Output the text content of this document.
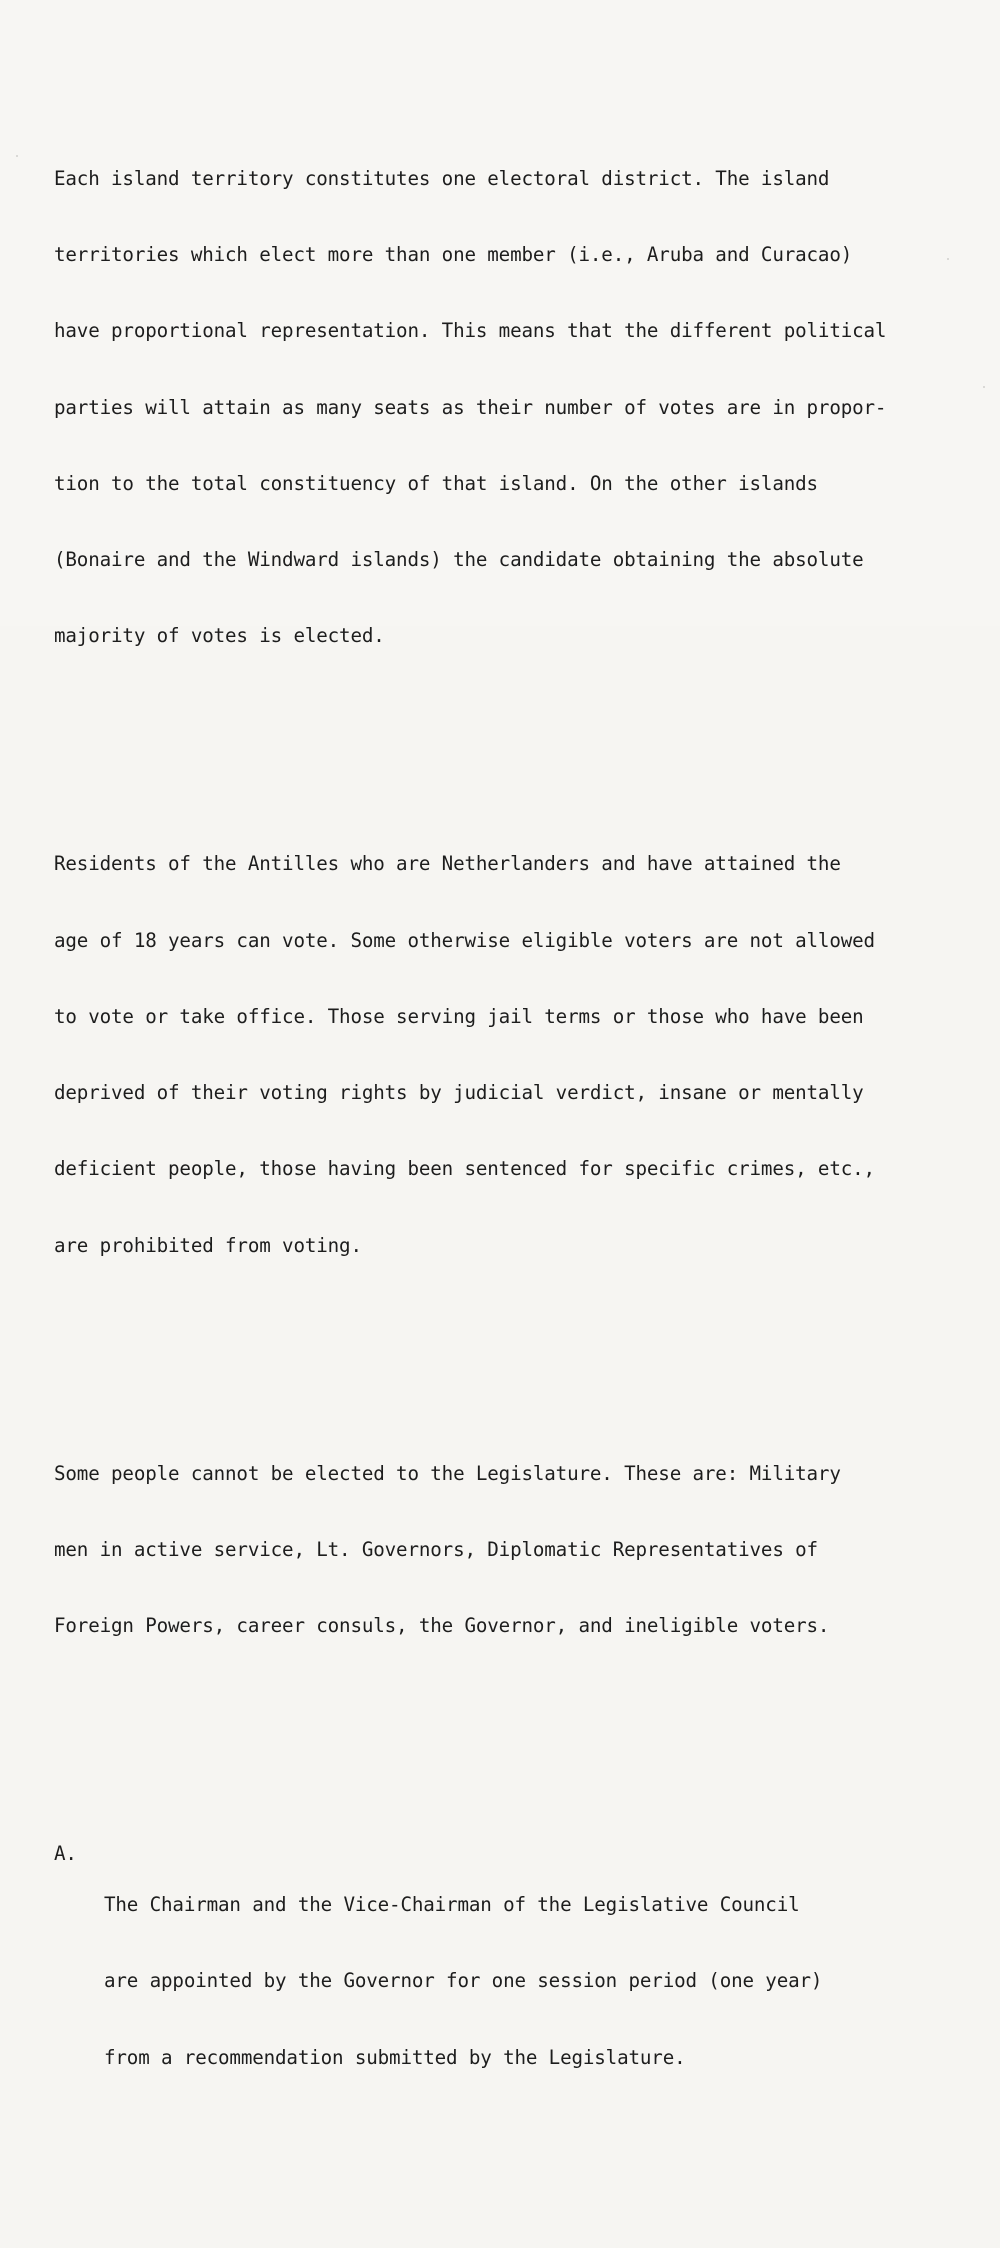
Each island territory constitutes one electoral district. The island

territories which elect more than one member (i.e., Aruba and Curacao)

have proportional representation. This means that the different political

parties will attain as many seats as their number of votes are in propor-

tion to the total constituency of that island. On the other islands

(Bonaire and the Windward islands) the candidate obtaining the absolute

majority of votes is elected.

Residents of the Antilles who are Netherlanders and have attained the

age of 18 years can vote. Some otherwise eligible voters are not allowed

to vote or take office. Those serving jail terms or those who have been

deprived of their voting rights by judicial verdict, insane or mentally

deficient people, those having been sentenced for specific crimes, etc.,

are prohibited from voting.

Some people cannot be elected to the Legislature. These are: Military

men in active service, Lt. Governors, Diplomatic Representatives of

Foreign Powers, career consuls, the Governor, and ineligible voters.

A.

The Chairman and the Vice-Chairman of the Legislative Council

are appointed by the Governor for one session period (one year)

from a recommendation submitted by the Legislature.
